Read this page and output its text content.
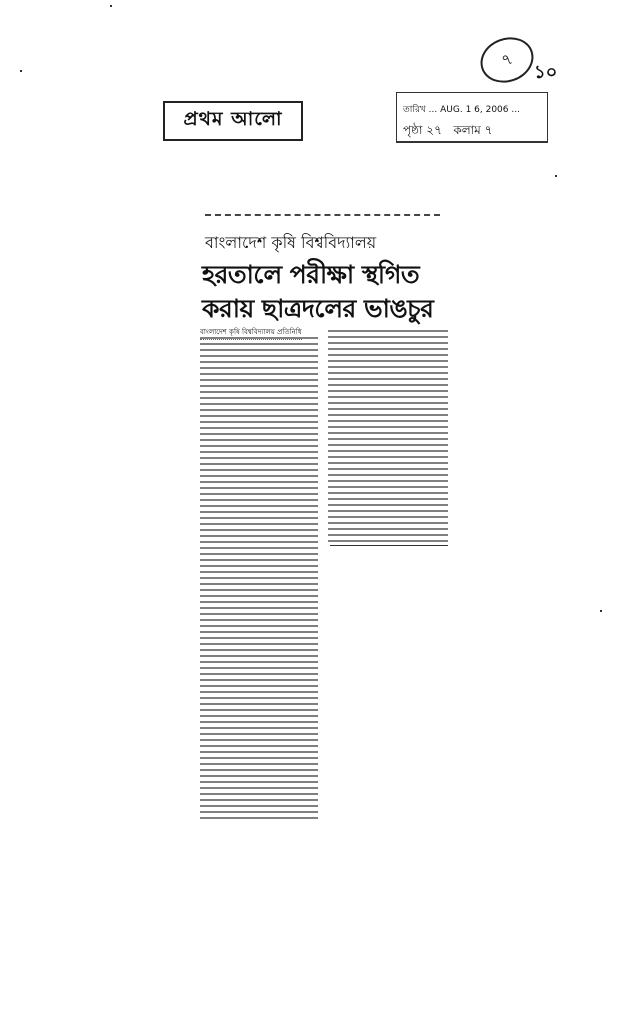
৭
১০
প্রথম আলো	তারিখ ... AUG. 1 6, 2006 ...
পৃষ্ঠা ২৭ কলাম ৭
বাংলাদেশ কৃষি বিশ্ববিদ্যালয়
হরতালে পরীক্ষা স্থগিত
করায় ছাত্রদলের ভাঙচুর
বাংলাদেশ কৃষি বিশ্ববিদ্যালয় প্রতিনিধি
